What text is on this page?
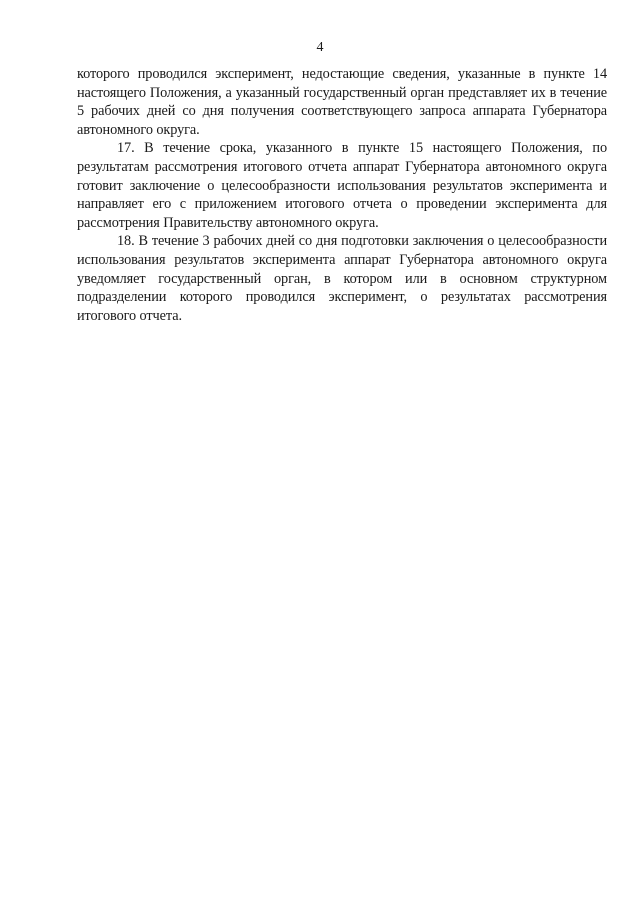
4

которого проводился эксперимент, недостающие сведения, указанные в пункте 14 настоящего Положения, а указанный государственный орган представляет их в течение 5 рабочих дней со дня получения соответствующего запроса аппарата Губернатора автономного округа.

17. В течение срока, указанного в пункте 15 настоящего Положения, по результатам рассмотрения итогового отчета аппарат Губернатора автономного округа готовит заключение о целесообразности использования результатов эксперимента и направляет его с приложением итогового отчета о проведении эксперимента для рассмотрения Правительству автономного округа.

18. В течение 3 рабочих дней со дня подготовки заключения о целесообразности использования результатов эксперимента аппарат Губернатора автономного округа уведомляет государственный орган, в котором или в основном структурном подразделении которого проводился эксперимент, о результатах рассмотрения итогового отчета.
